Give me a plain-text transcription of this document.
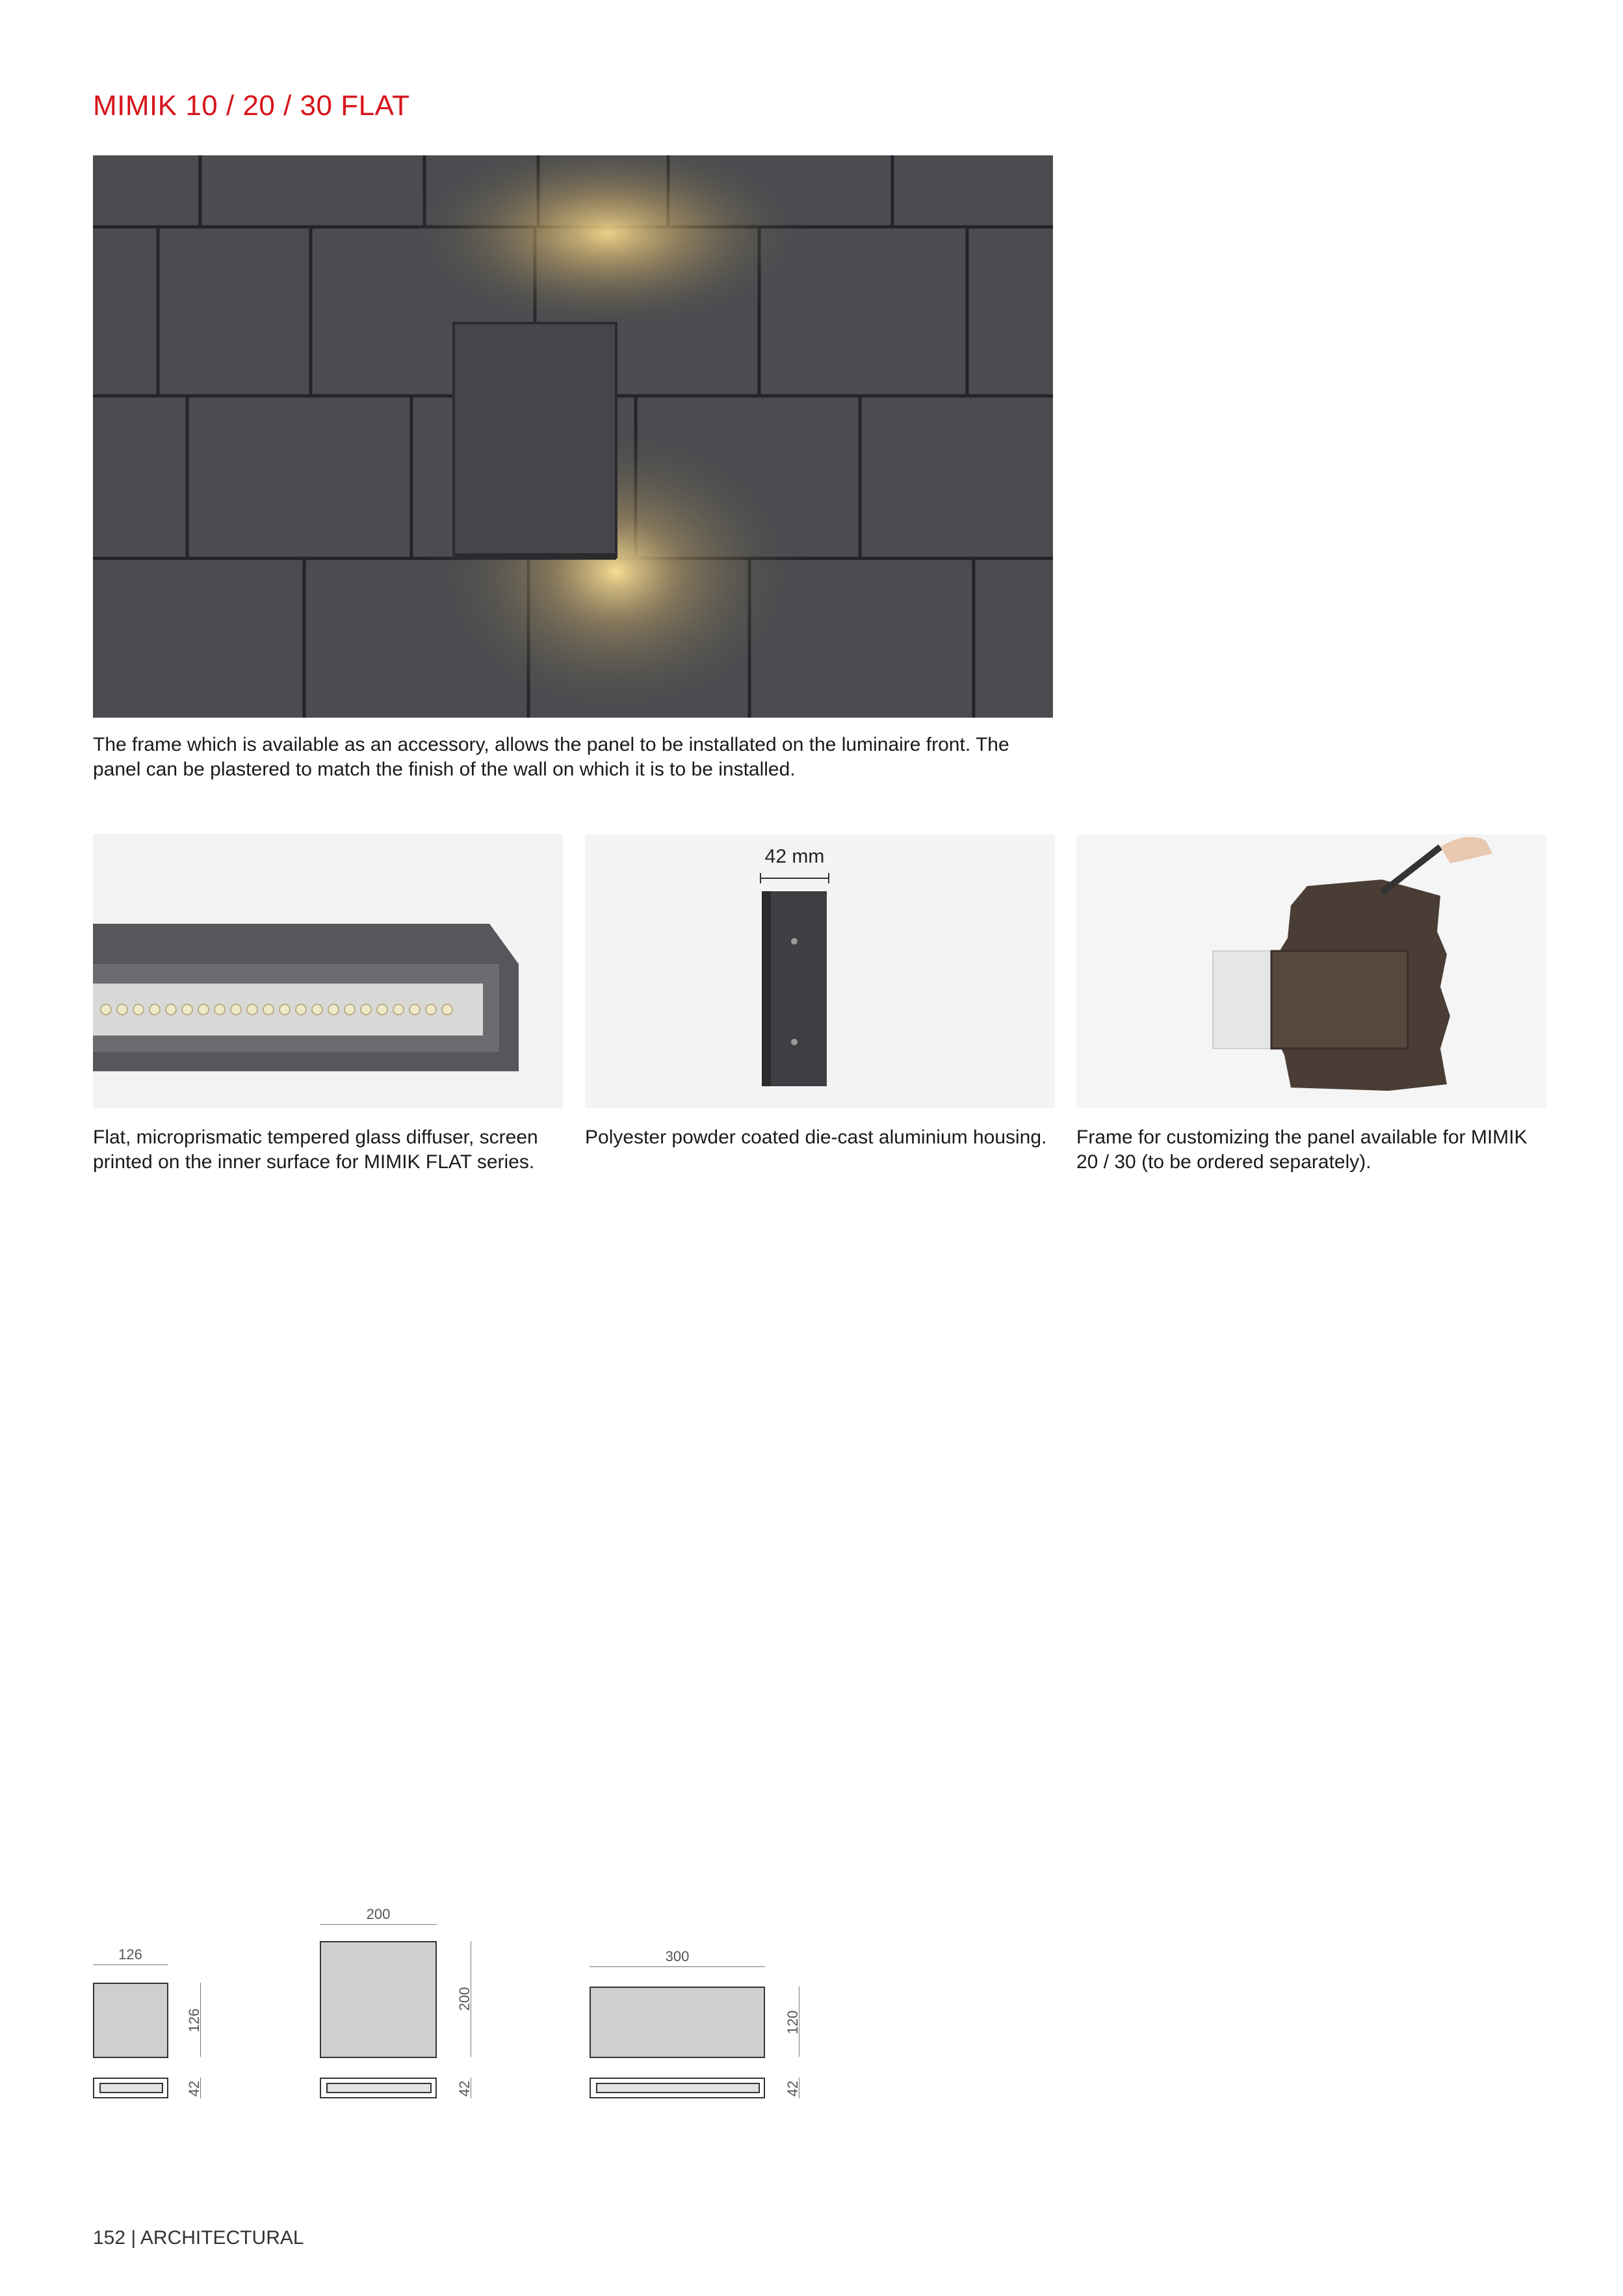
MIMIK 10 / 20 / 30 FLAT
The frame which is available as an accessory, allows the panel to be installated on the luminaire front. The panel can be plastered to match the finish of the wall on which it is to be installed.
Flat, microprismatic tempered glass diffuser, screen printed on the inner surface for MIMIK FLAT series.
42 mm
Polyester powder coated die-cast aluminium housing.	Frame for customizing the panel available for MIMIK 20 / 30 (to be ordered separately).
126
126
42
200
200
42
300
120
42
152 | ARCHITECTURAL
